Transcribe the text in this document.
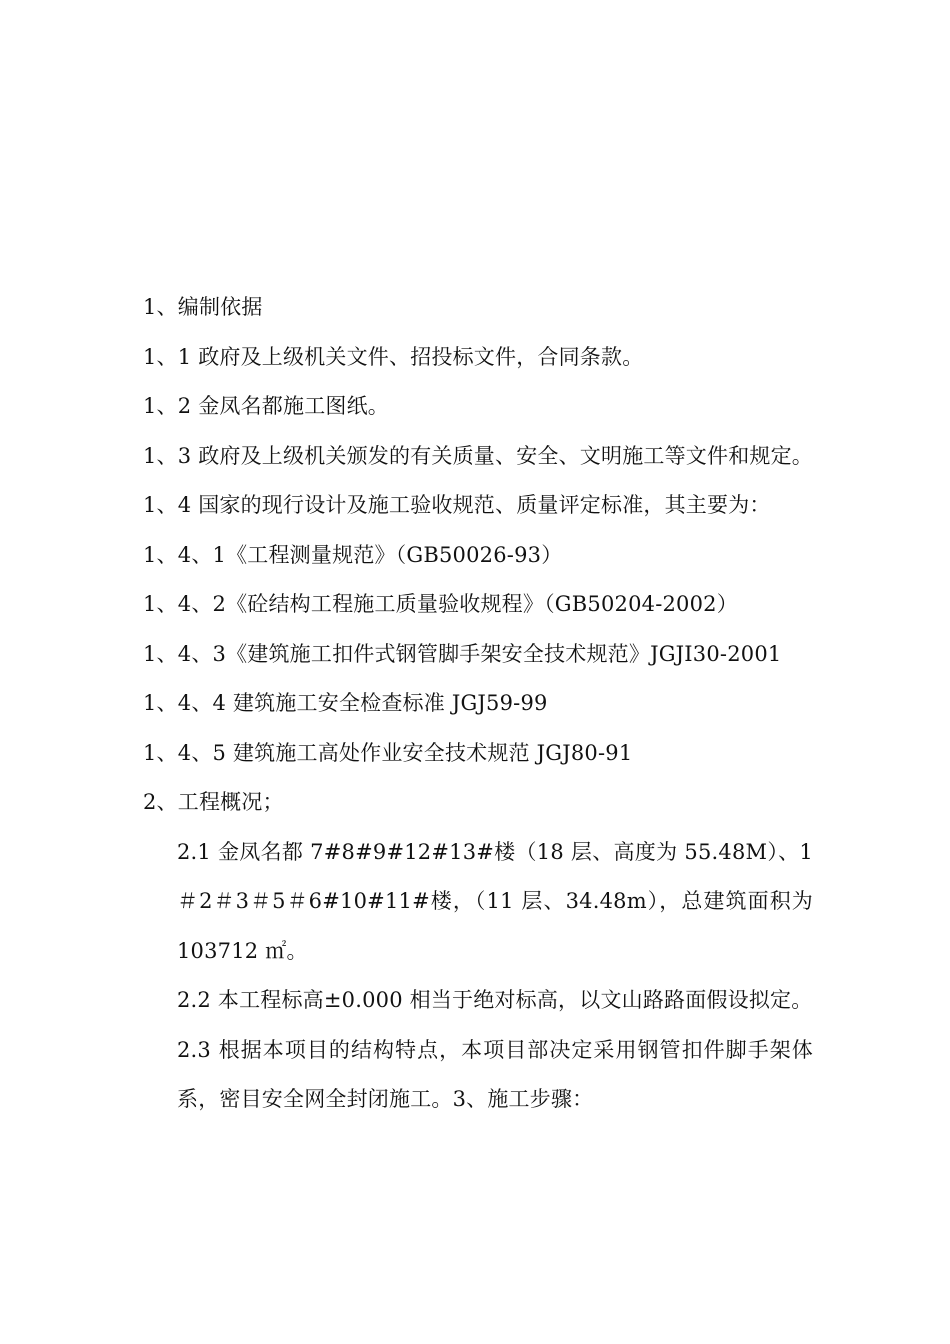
1、编制依据
1、1 政府及上级机关文件、招投标文件，合同条款。
1、2 金凤名都施工图纸。
1、3 政府及上级机关颁发的有关质量、安全、文明施工等文件和规定。
1、4 国家的现行设计及施工验收规范、质量评定标准，其主要为：
1、4、1《工程测量规范》（GB50026-93）
1、4、2《砼结构工程施工质量验收规程》（GB50204-2002）
1、4、3《建筑施工扣件式钢管脚手架安全技术规范》JGJI30-2001
1、4、4 建筑施工安全检查标准 JGJ59-99
1、4、5 建筑施工高处作业安全技术规范 JGJ80-91
2、工程概况；
2.1 金凤名都 7#8#9#12#13#楼（18 层、高度为 55.48M）、1＃2＃3＃5＃6#10#11#楼，（11 层、34.48m），总建筑面积为 103712 ㎡。
2.2 本工程标高±0.000 相当于绝对标高，以文山路路面假设拟定。
2.3 根据本项目的结构特点，本项目部决定采用钢管扣件脚手架体系，密目安全网全封闭施工。3、施工步骤：
